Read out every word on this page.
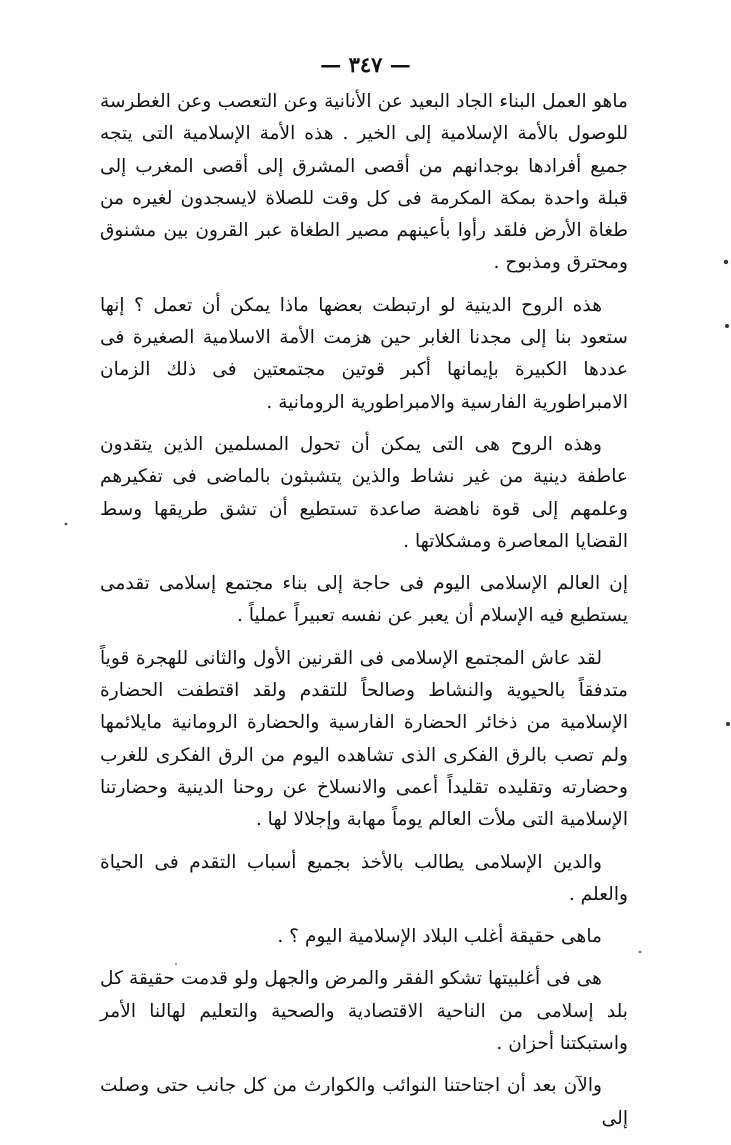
— ٣٤٧ —

ماهو العمل البناء الجاد البعيد عن الأنانية وعن التعصب وعن الغطرسة للوصول بالأمة الإسلامية إلى الخير . هذه الأمة الإسلامية التى يتجه جميع أفرادها بوجدانهم من أقصى المشرق إلى أقصى المغرب إلى قبلة واحدة بمكة المكرمة فى كل وقت للصلاة لايسجدون لغيره من طغاة الأرض فلقد رأوا بأعينهم مصير الطغاة عبر القرون بين مشنوق ومحترق ومذبوح .

هذه الروح الدينية لو ارتبطت بعضها ماذا يمكن أن تعمل ؟ إنها ستعود بنا إلى مجدنا الغابر حين هزمت الأمة الاسلامية الصغيرة فى عددها الكبيرة بإيمانها أكبر قوتين مجتمعتين فى ذلك الزمان الامبراطورية الفارسية والامبراطورية الرومانية .

وهذه الروح هى التى يمكن أن تحول المسلمين الذين يتقدون عاطفة دينية من غير نشاط والذين يتشبثون بالماضى فى تفكيرهم وعلمهم إلى قوة ناهضة صاعدة تستطيع أن تشق طريقها وسط القضايا المعاصرة ومشكلاتها .

إن العالم الإسلامى اليوم فى حاجة إلى بناء مجتمع إسلامى تقدمى يستطيع فيه الإسلام أن يعبر عن نفسه تعبيراً عملياً .

لقد عاش المجتمع الإسلامى فى القرنين الأول والثانى للهجرة قوياً متدفقاً بالحيوية والنشاط وصالحاً للتقدم ولقد اقتطفت الحضارة الإسلامية من ذخائر الحضارة الفارسية والحضارة الرومانية مايلائمها ولم تصب بالرق الفكرى الذى تشاهده اليوم من الرق الفكرى للغرب وحضارته وتقليده تقليداً أعمى والانسلاخ عن روحنا الدينية وحضارتنا الإسلامية التى ملأت العالم يوماً مهابة وإجلالا لها .

والدين الإسلامى يطالب بالأخذ بجميع أسباب التقدم فى الحياة والعلم .

ماهى حقيقة أغلب البلاد الإسلامية اليوم ؟ .

هى فى أغلبيتها تشكو الفقر والمرض والجهل ولو قدمت حقيقة كل بلد إسلامى من الناحية الاقتصادية والصحية والتعليم لهالنا الأمر واستبكتنا أحزان .

والآن بعد أن اجتاحتنا النوائب والكوارث من كل جانب حتى وصلت إلى
